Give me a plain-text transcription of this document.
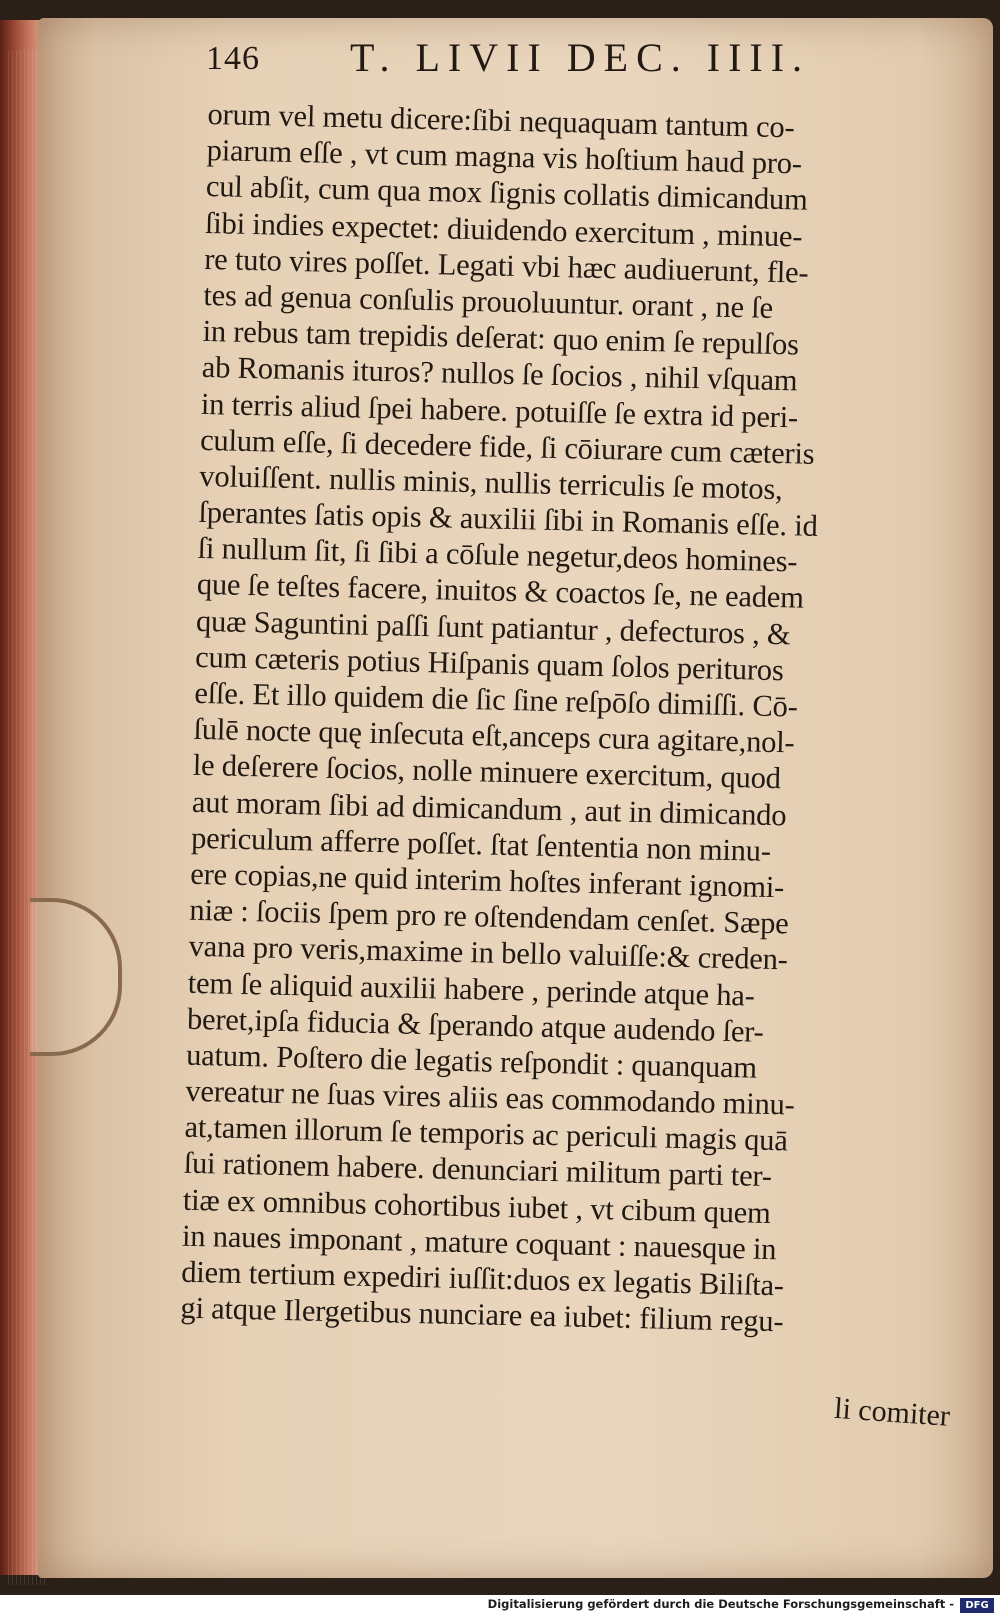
146 T. LIVII DEC. IIII.
orum vel metu dicere:ſibi nequaquam tantum co-
piarum eſſe , vt cum magna vis hoſtium haud pro-
cul abſit, cum qua mox ſignis collatis dimicandum
ſibi indies expectet: diuidendo exercitum , minue-
re tuto vires poſſet. Legati vbi hæc audiuerunt, fle-
tes ad genua conſulis prouoluuntur. orant , ne ſe
in rebus tam trepidis deſerat: quo enim ſe repulſos
ab Romanis ituros? nullos ſe ſocios , nihil vſquam
in terris aliud ſpei habere. potuiſſe ſe extra id peri-
culum eſſe, ſi decedere fide, ſi cōiurare cum cæteris
voluiſſent. nullis minis, nullis terriculis ſe motos,
ſperantes ſatis opis & auxilii ſibi in Romanis eſſe. id
ſi nullum ſit, ſi ſibi a cōſule negetur,deos homines-
que ſe teſtes facere, inuitos & coactos ſe, ne eadem
quæ Saguntini paſſi ſunt patiantur , defecturos , &
cum cæteris potius Hiſpanis quam ſolos perituros
eſſe. Et illo quidem die ſic ſine reſpōſo dimiſſi. Cō-
ſulē nocte quę inſecuta eſt,anceps cura agitare,nol-
le deſerere ſocios, nolle minuere exercitum, quod
aut moram ſibi ad dimicandum , aut in dimicando
periculum afferre poſſet. ſtat ſententia non minu-
ere copias,ne quid interim hoſtes inferant ignomi-
niæ : ſociis ſpem pro re oſtendendam cenſet. Sæpe
vana pro veris,maxime in bello valuiſſe:& creden-
tem ſe aliquid auxilii habere , perinde atque ha-
beret,ipſa fiducia & ſperando atque audendo ſer-
uatum. Poſtero die legatis reſpondit : quanquam
vereatur ne ſuas vires aliis eas commodando minu-
at,tamen illorum ſe temporis ac periculi magis quā
ſui rationem habere. denunciari militum parti ter-
tiæ ex omnibus cohortibus iubet , vt cibum quem
in naues imponant , mature coquant : nauesque in
diem tertium expediri iuſſit:duos ex legatis Biliſta-
gi atque Ilergetibus nunciare ea iubet: filium regu-
li comiter
Digitalisierung gefördert durch die Deutsche Forschungsgemeinschaft -	DFG
